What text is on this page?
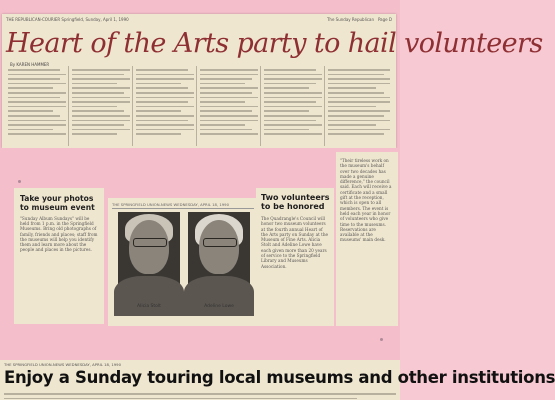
THE REPUBLICAN-COURIER Springfield, Sunday, April 1, 1990	The Sunday Republican Page D
Heart of the Arts party to hail volunteers
By KAREN HAMMER
Take your photos to museum event
"Sunday Album Sundays" will be held from 1 p.m. in the Springfield Museums. Bring old photographs of family, friends and places; staff from the museums will help you identify them and learn more about the people and places in the pictures.
THE SPRINGFIELD UNION-NEWS WEDNESDAY, APRIL 18, 1990
Alicia Stolt	Adeline Lowe
Two volunteers to be honored
The Quadrangle's Council will honor two museum volunteers at the fourth annual Heart of the Arts party on Sunday at the Museum of Fine Arts. Alicia Stolt and Adeline Lowe have each given more than 20 years of service to the Springfield Library and Museums Association.
"Their tireless work on the museum's behalf over two decades has made a genuine difference," the council said. Each will receive a certificate and a small gift at the reception, which is open to all members. The event is held each year in honor of volunteers who give time to the museums. Reservations are available at the museums' main desk.
THE SPRINGFIELD UNION-NEWS WEDNESDAY, APRIL 18, 1990
Enjoy a Sunday touring local museums and other institutions
